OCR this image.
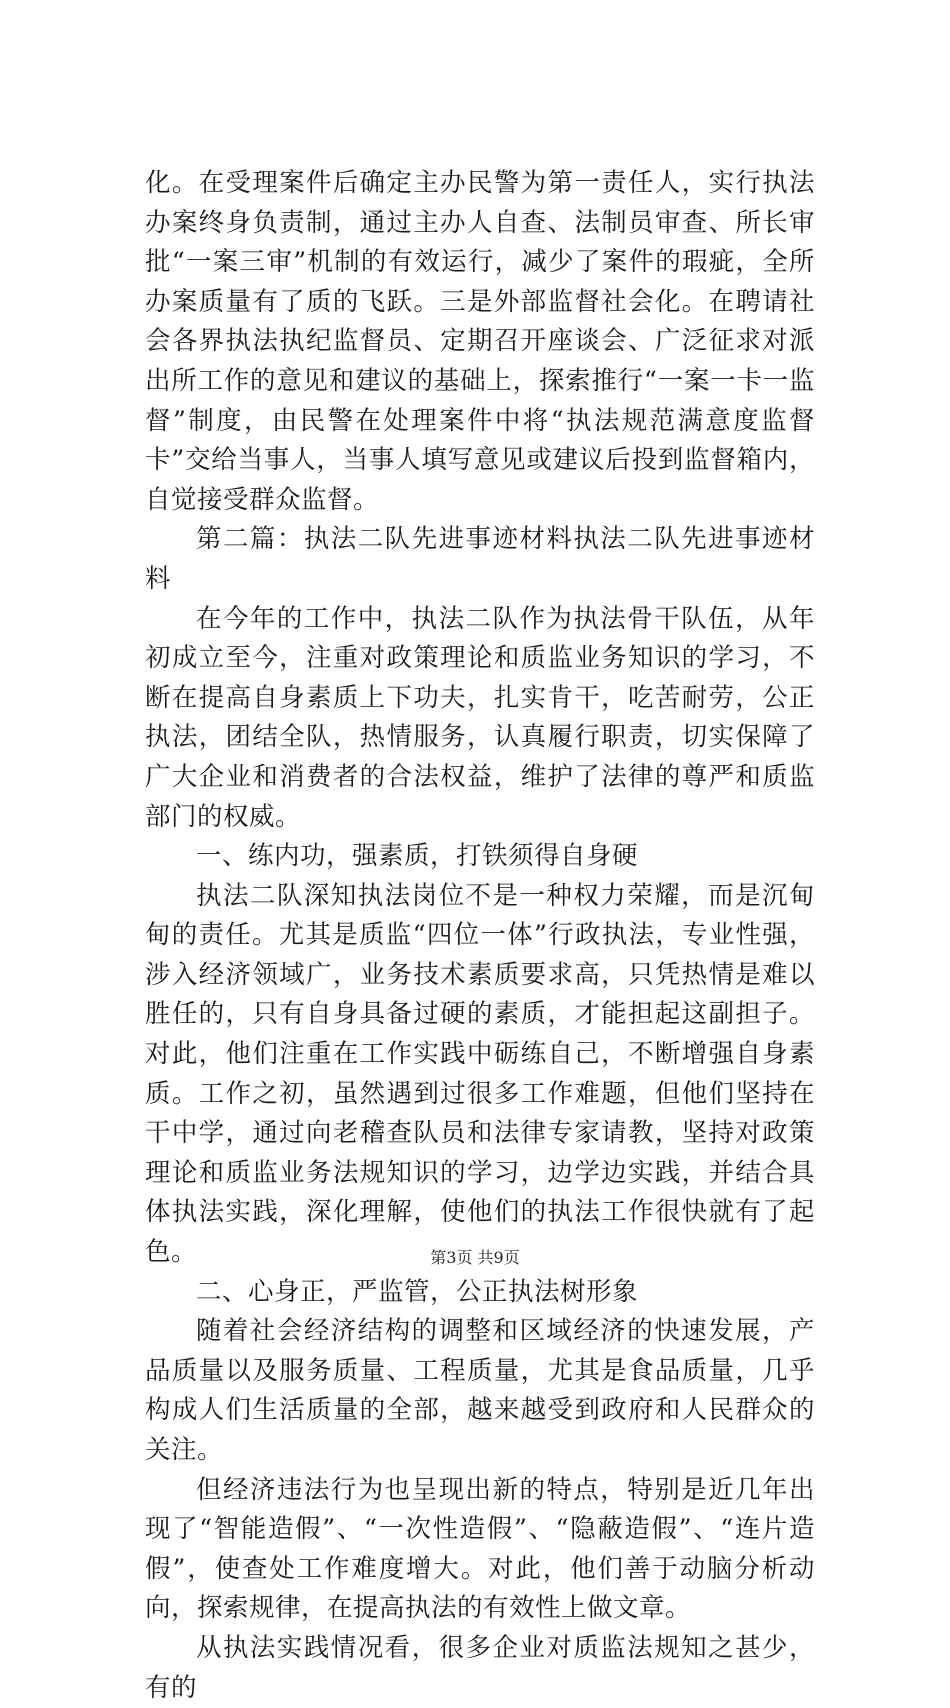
化。在受理案件后确定主办民警为第一责任人，实行执法办案终身负责制，通过主办人自查、法制员审查、所长审批“一案三审”机制的有效运行，减少了案件的瑕疵，全所办案质量有了质的飞跃。三是外部监督社会化。在聘请社会各界执法执纪监督员、定期召开座谈会、广泛征求对派出所工作的意见和建议的基础上，探索推行“一案一卡一监督”制度，由民警在处理案件中将“执法规范满意度监督卡”交给当事人，当事人填写意见或建议后投到监督箱内，自觉接受群众监督。

第二篇：执法二队先进事迹材料执法二队先进事迹材料

在今年的工作中，执法二队作为执法骨干队伍，从年初成立至今，注重对政策理论和质监业务知识的学习，不断在提高自身素质上下功夫，扎实肯干，吃苦耐劳，公正执法，团结全队，热情服务，认真履行职责，切实保障了广大企业和消费者的合法权益，维护了法律的尊严和质监部门的权威。

一、练内功，强素质，打铁须得自身硬

执法二队深知执法岗位不是一种权力荣耀，而是沉甸甸的责任。尤其是质监“四位一体”行政执法，专业性强，涉入经济领域广，业务技术素质要求高，只凭热情是难以胜任的，只有自身具备过硬的素质，才能担起这副担子。对此，他们注重在工作实践中砺练自己，不断增强自身素质。工作之初，虽然遇到过很多工作难题，但他们坚持在干中学，通过向老稽查队员和法律专家请教，坚持对政策理论和质监业务法规知识的学习，边学边实践，并结合具体执法实践，深化理解，使他们的执法工作很快就有了起色。

二、心身正，严监管，公正执法树形象

随着社会经济结构的调整和区域经济的快速发展，产品质量以及服务质量、工程质量，尤其是食品质量，几乎构成人们生活质量的全部，越来越受到政府和人民群众的关注。

但经济违法行为也呈现出新的特点，特别是近几年出现了“智能造假”、“一次性造假”、“隐蔽造假”、“连片造假”，使查处工作难度增大。对此，他们善于动脑分析动向，探索规律，在提高执法的有效性上做文章。

从执法实践情况看，很多企业对质监法规知之甚少，有的

第3页 共9页
